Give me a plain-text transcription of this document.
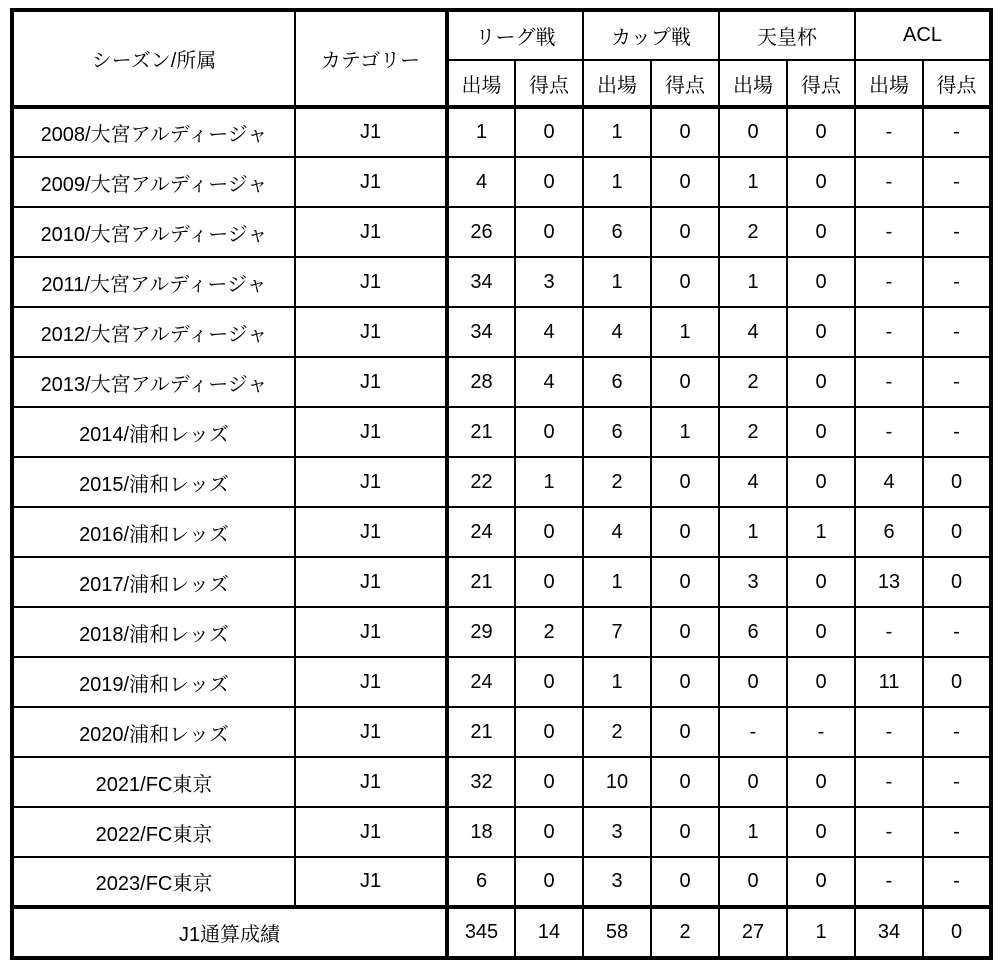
シーズン/所属	カテゴリー	リーグ戦		カップ戦		天皇杯		ACL	
		出場	得点	出場	得点	出場	得点	出場	得点
2008/大宮アルディージャ	J1	1	0	1	0	0	0	-	-
2009/大宮アルディージャ	J1	4	0	1	0	1	0	-	-
2010/大宮アルディージャ	J1	26	0	6	0	2	0	-	-
2011/大宮アルディージャ	J1	34	3	1	0	1	0	-	-
2012/大宮アルディージャ	J1	34	4	4	1	4	0	-	-
2013/大宮アルディージャ	J1	28	4	6	0	2	0	-	-
2014/浦和レッズ	J1	21	0	6	1	2	0	-	-
2015/浦和レッズ	J1	22	1	2	0	4	0	4	0
2016/浦和レッズ	J1	24	0	4	0	1	1	6	0
2017/浦和レッズ	J1	21	0	1	0	3	0	13	0
2018/浦和レッズ	J1	29	2	7	0	6	0	-	-
2019/浦和レッズ	J1	24	0	1	0	0	0	11	0
2020/浦和レッズ	J1	21	0	2	0	-	-	-	-
2021/FC東京	J1	32	0	10	0	0	0	-	-
2022/FC東京	J1	18	0	3	0	1	0	-	-
2023/FC東京	J1	6	0	3	0	0	0	-	-
J1通算成績		345	14	58	2	27	1	34	0
